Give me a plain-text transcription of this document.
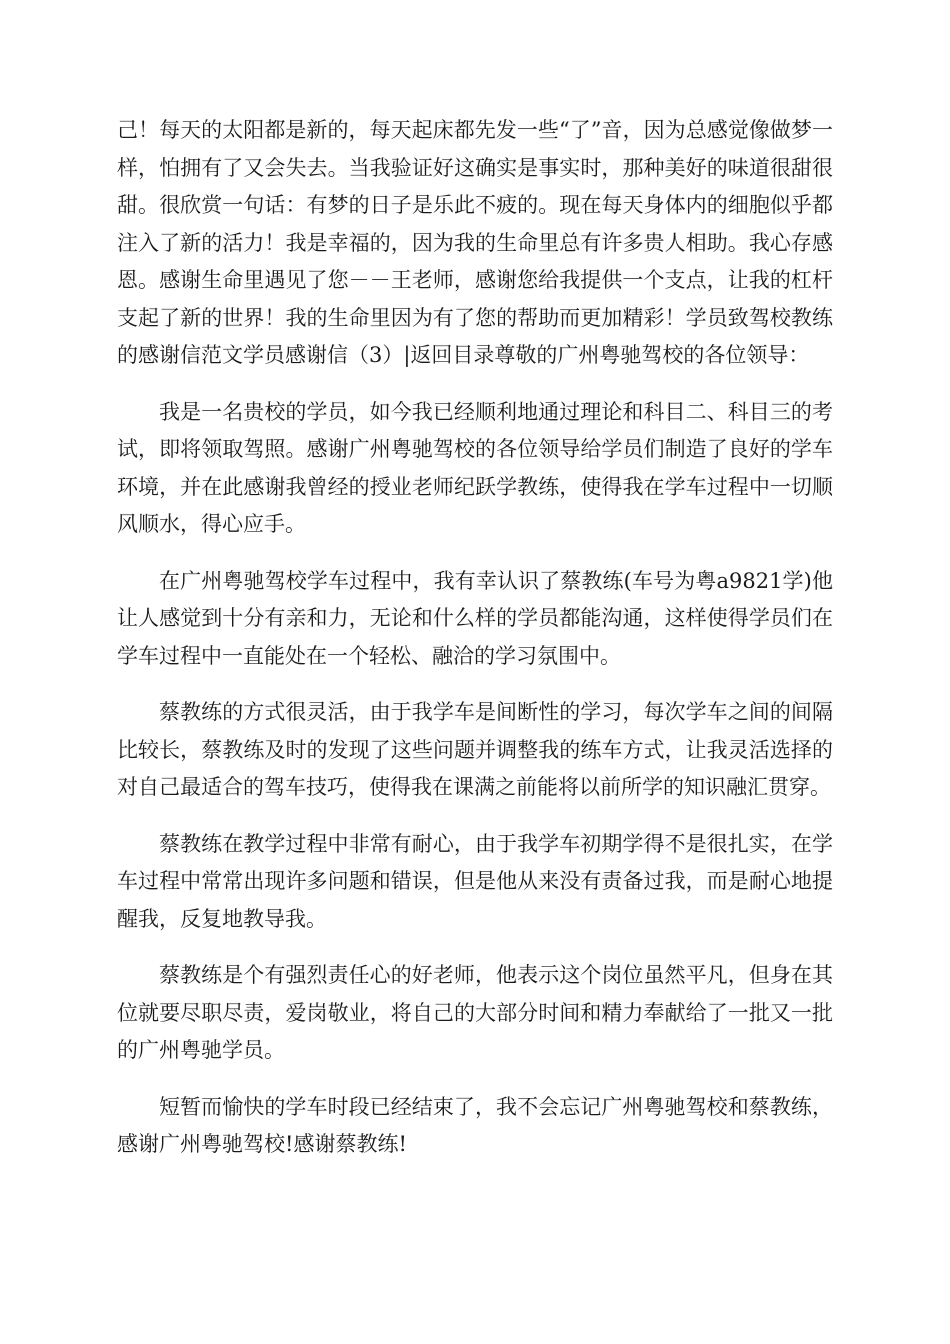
己！每天的太阳都是新的，每天起床都先发一些“了”音，因为总感觉像做梦一样，怕拥有了又会失去。当我验证好这确实是事实时，那种美好的味道很甜很甜。很欣赏一句话：有梦的日子是乐此不疲的。现在每天身体内的细胞似乎都注入了新的活力！我是幸福的，因为我的生命里总有许多贵人相助。我心存感恩。感谢生命里遇见了您－－王老师，感谢您给我提供一个支点，让我的杠杆支起了新的世界！我的生命里因为有了您的帮助而更加精彩！学员致驾校教练的感谢信范文学员感谢信（3）|返回目录尊敬的广州粤驰驾校的各位领导：

我是一名贵校的学员，如今我已经顺利地通过理论和科目二、科目三的考试，即将领取驾照。感谢广州粤驰驾校的各位领导给学员们制造了良好的学车环境，并在此感谢我曾经的授业老师纪跃学教练，使得我在学车过程中一切顺风顺水，得心应手。

在广州粤驰驾校学车过程中，我有幸认识了蔡教练(车号为粤a9821学)他让人感觉到十分有亲和力，无论和什么样的学员都能沟通，这样使得学员们在学车过程中一直能处在一个轻松、融洽的学习氛围中。

蔡教练的方式很灵活，由于我学车是间断性的学习，每次学车之间的间隔比较长，蔡教练及时的发现了这些问题并调整我的练车方式，让我灵活选择的对自己最适合的驾车技巧，使得我在课满之前能将以前所学的知识融汇贯穿。

蔡教练在教学过程中非常有耐心，由于我学车初期学得不是很扎实，在学车过程中常常出现许多问题和错误，但是他从来没有责备过我，而是耐心地提醒我，反复地教导我。

蔡教练是个有强烈责任心的好老师，他表示这个岗位虽然平凡，但身在其位就要尽职尽责，爱岗敬业，将自己的大部分时间和精力奉献给了一批又一批的广州粤驰学员。

短暂而愉快的学车时段已经结束了，我不会忘记广州粤驰驾校和蔡教练，感谢广州粤驰驾校!感谢蔡教练!
